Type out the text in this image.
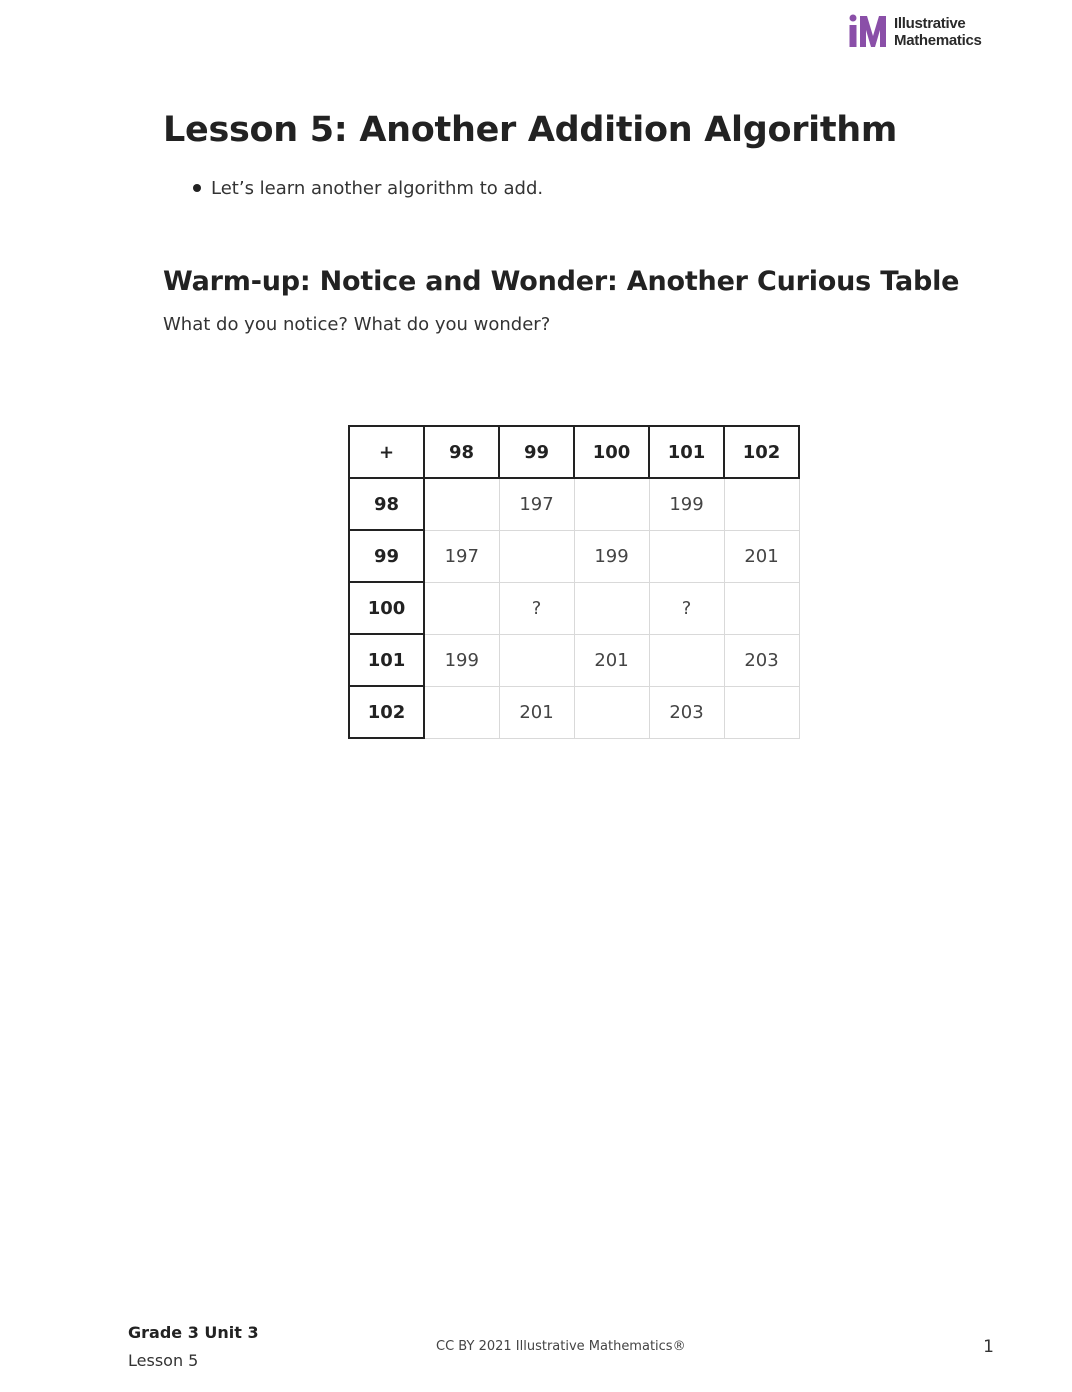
Illustrative
Mathematics
Lesson 5: Another Addition Algorithm
Let’s learn another algorithm to add.
Warm-up: Notice and Wonder: Another Curious Table

What do you notice? What do you wonder?

+	98	99	100	101	102
98		197		199	
99	197		199		201
100		?		?	
101	199		201		203
102		201		203	
Grade 3 Unit 3
Lesson 5
CC BY 2021 Illustrative Mathematics®	1
